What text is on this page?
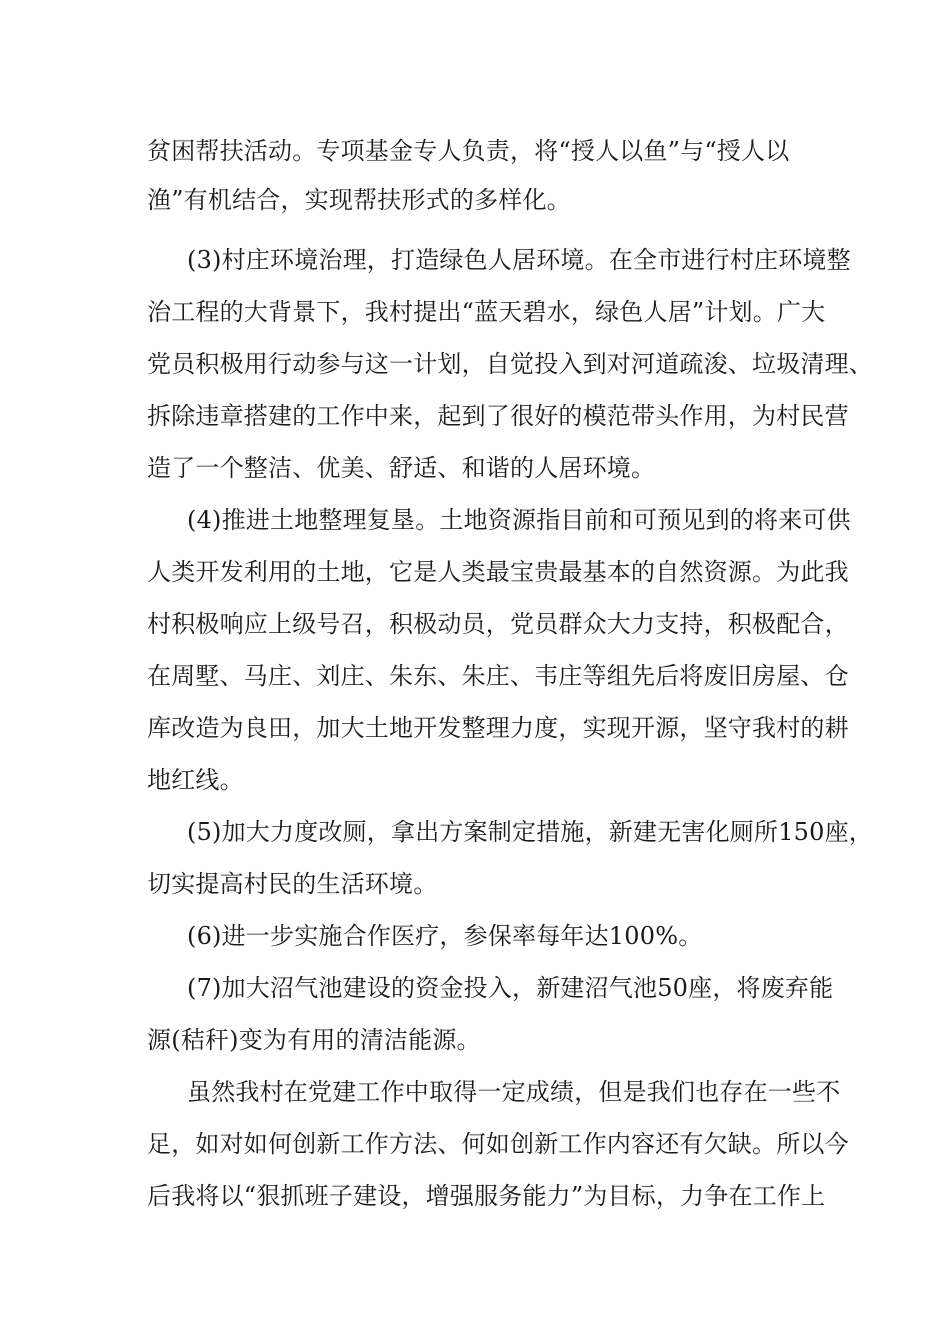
贫困帮扶活动。专项基金专人负责，将“授人以鱼”与“授人以
渔”有机结合，实现帮扶形式的多样化。
(3)村庄环境治理，打造绿色人居环境。在全市进行村庄环境整
治工程的大背景下，我村提出“蓝天碧水，绿色人居”计划。广大
党员积极用行动参与这一计划，自觉投入到对河道疏浚、垃圾清理、
拆除违章搭建的工作中来，起到了很好的模范带头作用，为村民营
造了一个整洁、优美、舒适、和谐的人居环境。
(4)推进土地整理复垦。土地资源指目前和可预见到的将来可供
人类开发利用的土地，它是人类最宝贵最基本的自然资源。为此我
村积极响应上级号召，积极动员，党员群众大力支持，积极配合，
在周墅、马庄、刘庄、朱东、朱庄、韦庄等组先后将废旧房屋、仓
库改造为良田，加大土地开发整理力度，实现开源，坚守我村的耕
地红线。
(5)加大力度改厕，拿出方案制定措施，新建无害化厕所150座，
切实提高村民的生活环境。
(6)进一步实施合作医疗，参保率每年达100%。
(7)加大沼气池建设的资金投入，新建沼气池50座，将废弃能
源(秸秆)变为有用的清洁能源。
虽然我村在党建工作中取得一定成绩，但是我们也存在一些不
足，如对如何创新工作方法、何如创新工作内容还有欠缺。所以今
后我将以“狠抓班子建设，增强服务能力”为目标，力争在工作上
